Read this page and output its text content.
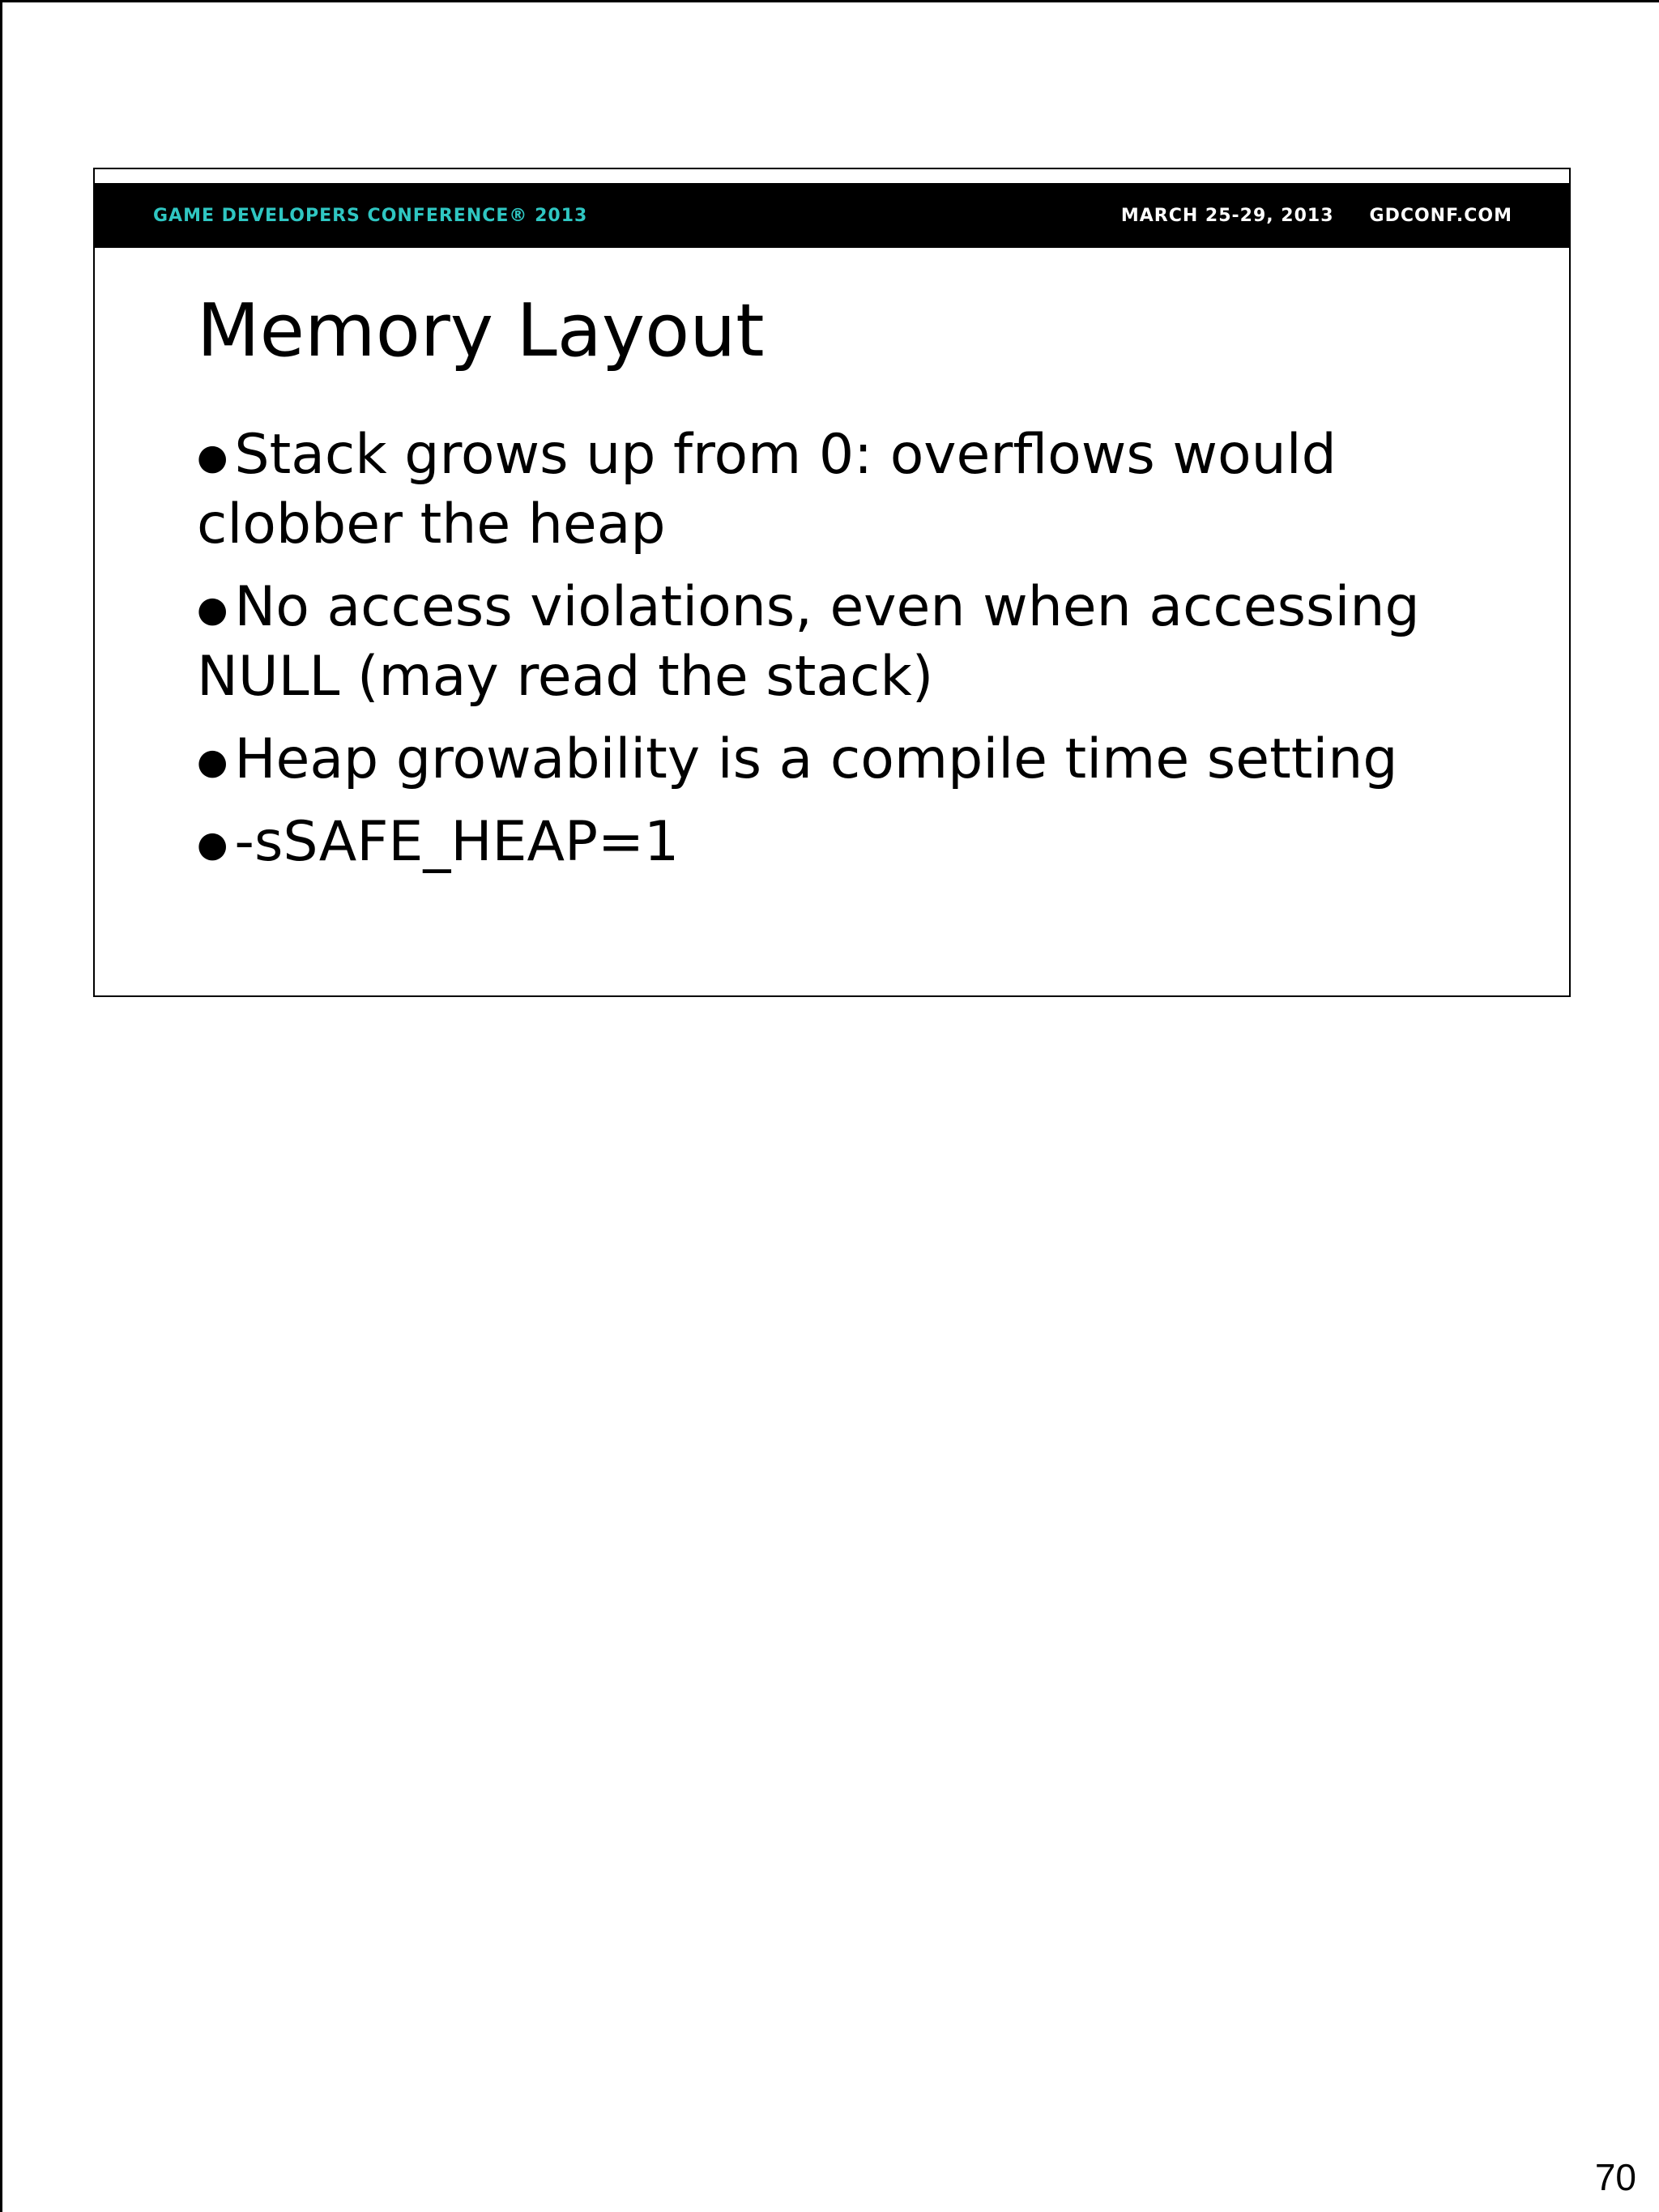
GAME DEVELOPERS CONFERENCE® 2013	MARCH 25-29, 2013 GDCONF.COM
Memory Layout
● Stack grows up from 0: overflows would clobber the heap
● No access violations, even when accessing NULL (may read the stack)
● Heap growability is a compile time setting
● -sSAFE_HEAP=1
70
